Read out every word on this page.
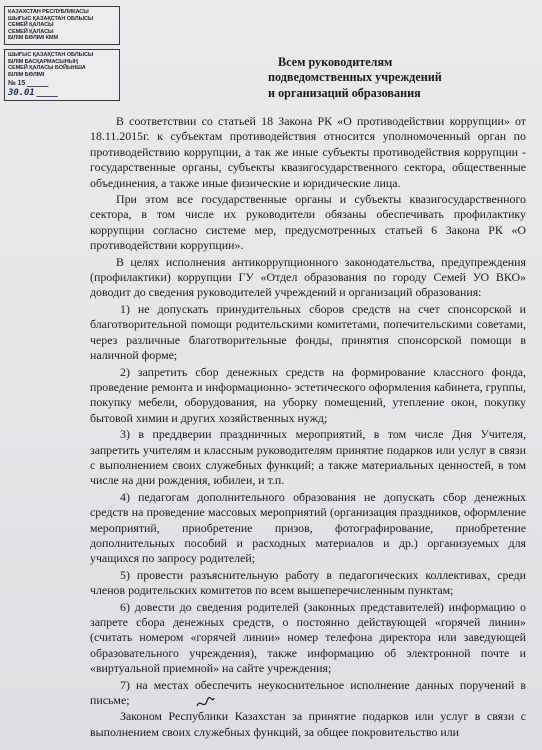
КАЗАХСТАН РЕСПУБЛИКАСЫ
ШЫҒЫС ҚАЗАҚСТАН ОБЛЫСЫ
СЕМЕЙ ҚАЛАСЫ
СЕМЕЙ ҚАЛАСЫ
БІЛІМ БӨЛІМІ КММ
ШЫҒЫС ҚАЗАҚСТАН ОБЛЫСЫ
БІЛІМ БАСҚАРМАСЫНЫҢ
СЕМЕЙ ҚАЛАСЫ БОЙЫНША
БІЛІМ БӨЛІМІ
№ 15 ____
30.01 ____
Всем руководителям
подведомственных учреждений
и организаций образования

В соответствии со статьей 18 Закона РК «О противодействии коррупции» от 18.11.2015г. к субъектам противодействия относится уполномоченный орган по противодействию коррупции, а так же иные субъекты противодействия коррупции - государственные органы, субъекты квазигосударственного сектора, общественные объединения, а также иные физические и юридические лица.

При этом все государственные органы и субъекты квазигосударственного сектора, в том числе их руководители обязаны обеспечивать профилактику коррупции согласно системе мер, предусмотренных статьей 6 Закона РК «О противодействии коррупции».

В целях исполнения антикоррупционного законодательства, предупреждения (профилактики) коррупции ГУ «Отдел образования по городу Семей УО ВКО» доводит до сведения руководителей учреждений и организаций образования:

1) не допускать принудительных сборов средств на счет спонсорской и благотворительной помощи родительскими комитетами, попечительскими советами, через различные благотворительные фонды, принятия спонсорской помощи в наличной форме;

2) запретить сбор денежных средств на формирование классного фонда, проведение ремонта и информационно- эстетического оформления кабинета, группы, покупку мебели, оборудования, на уборку помещений, утепление окон, покупку бытовой химии и других хозяйственных нужд;

3) в преддверии праздничных мероприятий, в том числе Дня Учителя, запретить учителям и классным руководителям принятие подарков или услуг в связи с выполнением своих служебных функций; а также материальных ценностей, в том числе на дни рождения, юбилеи, и т.п.

4) педагогам дополнительного образования не допускать сбор денежных средств на проведение массовых мероприятий (организация праздников, оформление мероприятий, приобретение призов, фотографирование, приобретение дополнительных пособий и расходных материалов и др.) организуемых для учащихся по запросу родителей;

5) провести разъяснительную работу в педагогических коллективах, среди членов родительских комитетов по всем вышеперечисленным пунктам;

6) довести до сведения родителей (законных представителей) информацию о запрете сбора денежных средств, о постоянно действующей «горячей линии» (считать номером «горячей линии» номер телефона директора или заведующей образовательного учреждения), также информацию об электронной почте и «виртуальной приемной» на сайте учреждения;

7) на местах обеспечить неукоснительное исполнение данных поручений в письме;

Законом Республики Казахстан за принятие подарков или услуг в связи с выполнением своих служебных функций, за общее покровительство или
